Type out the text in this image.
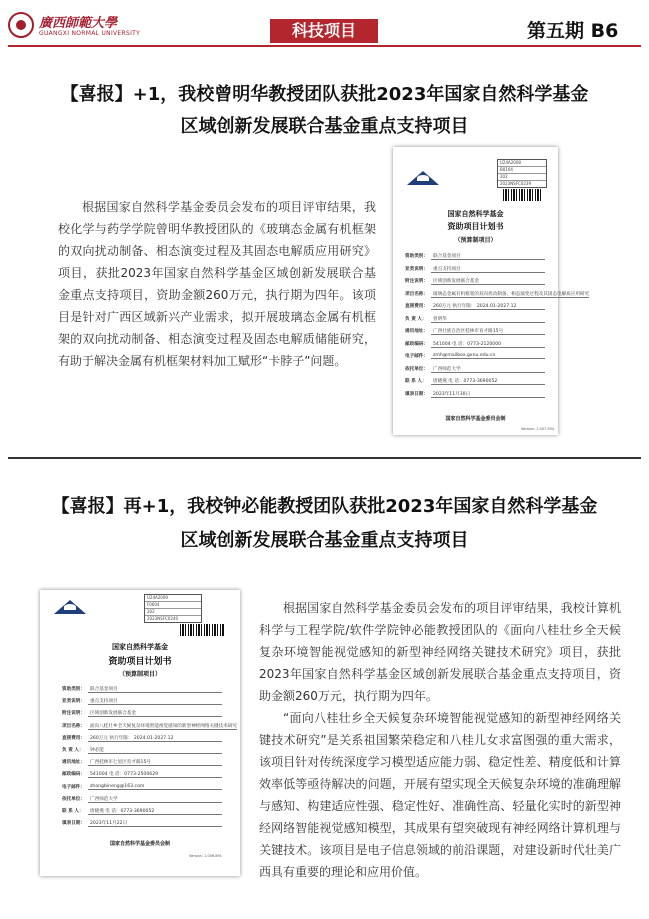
廣西師範大學
GUANGXI NORMAL UNIVERSITY	科技项目	第五期 B6
【喜报】+1，我校曾明华教授团队获批2023年国家自然科学基金
区域创新发展联合基金重点支持项目

根据国家自然科学基金委员会发布的项目评审结果，我校化学与药学学院曾明华教授团队的《玻璃态金属有机框架的双向扰动制备、相态演变过程及其固态电解质应用研究》项目，获批2023年国家自然科学基金区域创新发展联合基金重点支持项目，资助金额260万元，执行期为四年。该项目是针对广西区域新兴产业需求，拟开展玻璃态金属有机框架的双向扰动制备、相态演变过程及固态电解质储能研究，有助于解决金属有机框架材料加工赋形“卡脖子”问题。

U24A2008
B0104
202
2023NSFC0239
国家自然科学基金
资助项目计划书
（预算制项目）
资助类别：	联合基金项目
亚类说明：	重点支持项目
附注说明：	区域创新发展联合基金
项目名称：	玻璃态金属有机框架的双向扰动制备、相态演变过程及其固态电解质应用研究
直接费用：	260万元 执行年限： 2024.01-2027.12
负 责 人：	曾明华
通讯地址：	广西壮族自治区桂林市育才路15号
邮政编码：	541004 电 话：0773-2120000
电子邮件：	zmh@mailbox.gxnu.edu.cn
依托单位：	广西师范大学
联 系 人：	唐晓燕 电 话：0773-3690052
填表日期：	2023年11月30日
国家自然科学基金委员会制
Version: 1.007.394
【喜报】再+1，我校钟必能教授团队获批2023年国家自然科学基金
区域创新发展联合基金重点支持项目
U24A2009
F0604
202
2023NSFC0240
国家自然科学基金
资助项目计划书
（预算制项目）
资助类别：	联合基金项目
亚类说明：	重点支持项目
附注说明：	区域创新发展联合基金
项目名称：	面向八桂壮乡全天候复杂环境智能视觉感知的新型神经网络关键技术研究
直接费用：	260万元 执行年限： 2024.01-2027.12
负 责 人：	钟必能
通讯地址：	广西桂林市七星区育才路15号
邮政编码：	541004 电 话：0773-2500629
电子邮件：	zhongbineng@163.com
依托单位：	广西师范大学
联 系 人：	唐晓燕 电 话：0773-3690052
填表日期：	2023年11月22日
国家自然科学基金委员会制
Version: 1.006.891

根据国家自然科学基金委员会发布的项目评审结果，我校计算机科学与工程学院/软件学院钟必能教授团队的《面向八桂壮乡全天候复杂环境智能视觉感知的新型神经网络关键技术研究》项目，获批2023年国家自然科学基金区域创新发展联合基金重点支持项目，资助金额260万元，执行期为四年。

“面向八桂壮乡全天候复杂环境智能视觉感知的新型神经网络关键技术研究”是关系祖国繁荣稳定和八桂儿女求富图强的重大需求，该项目针对传统深度学习模型适应能力弱、稳定性差、精度低和计算效率低等亟待解决的问题，开展有望实现全天候复杂环境的准确理解与感知、构建适应性强、稳定性好、准确性高、轻量化实时的新型神经网络智能视觉感知模型，其成果有望突破现有神经网络计算机理与关键技术。该项目是电子信息领域的前沿课题，对建设新时代壮美广西具有重要的理论和应用价值。
